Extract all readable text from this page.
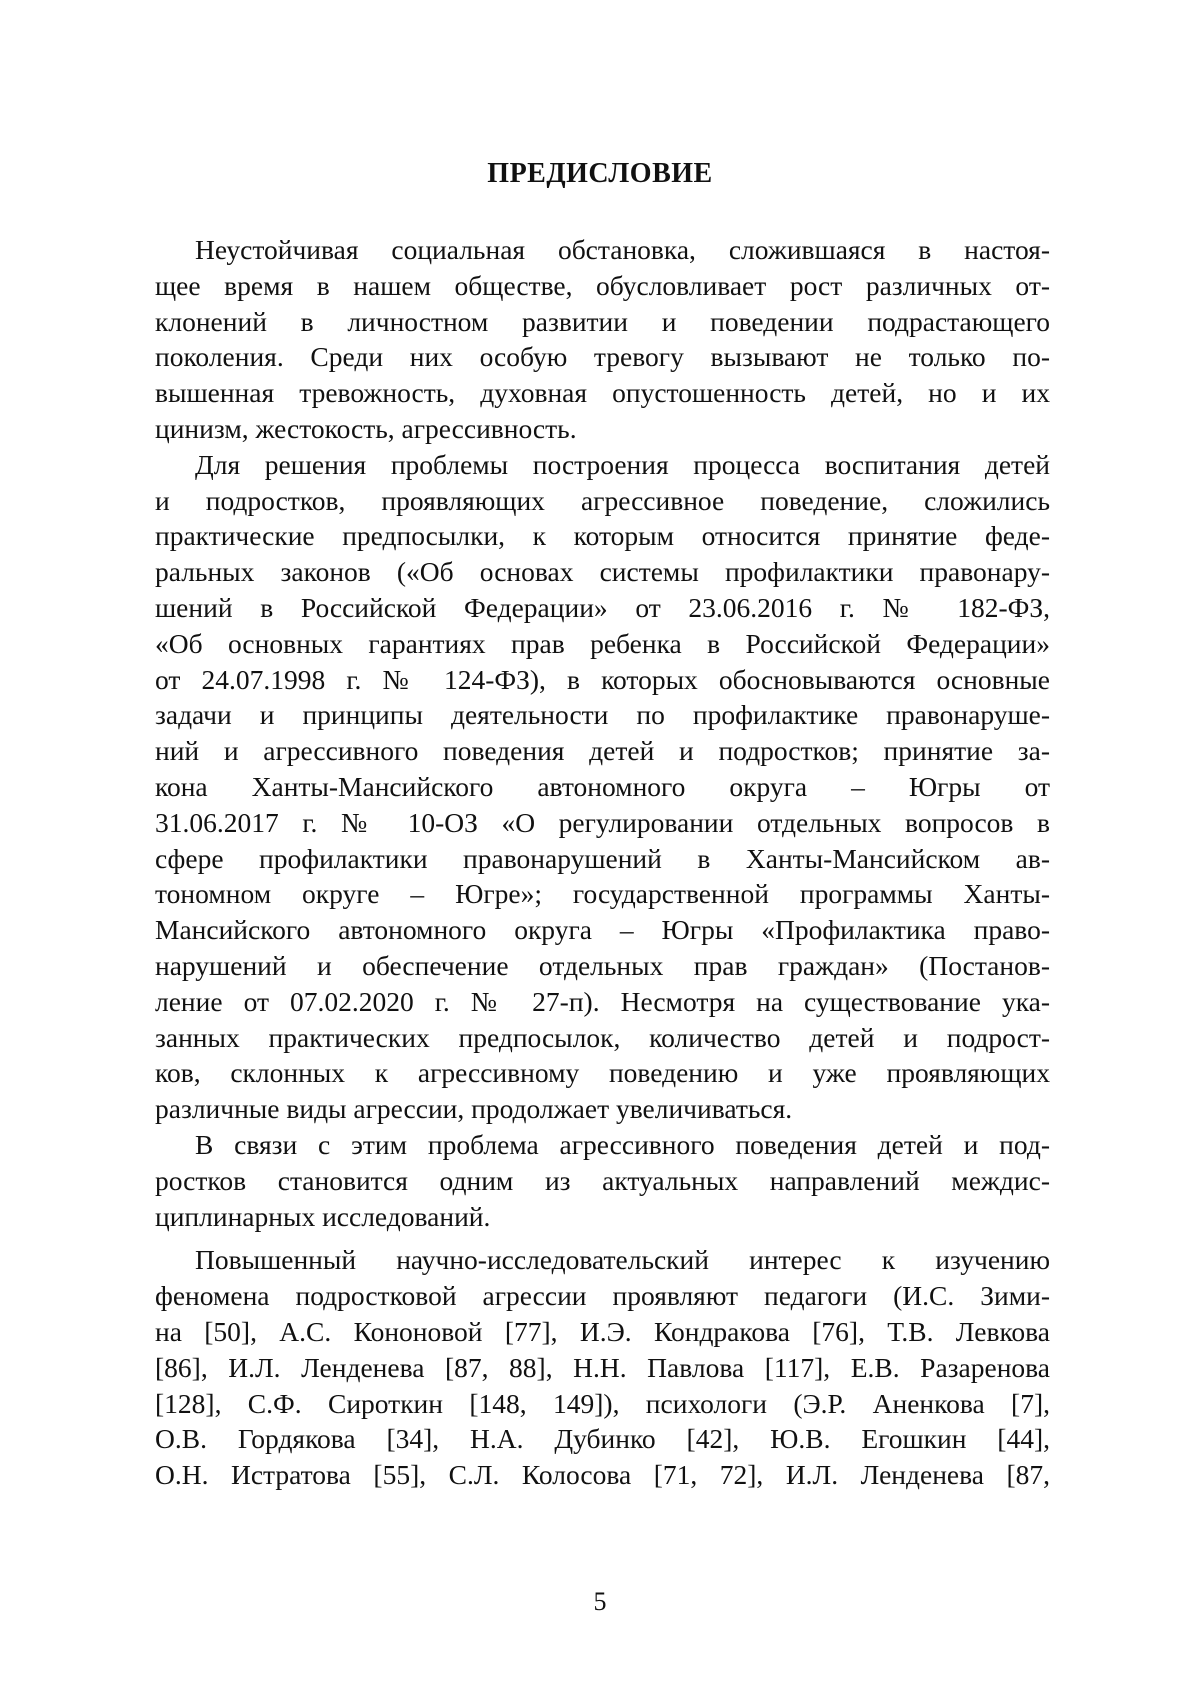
ПРЕДИСЛОВИЕ
Неустойчивая социальная обстановка, сложившаяся в настоя-
щее время в нашем обществе, обусловливает рост различных от-
клонений в личностном развитии и поведении подрастающего
поколения. Среди них особую тревогу вызывают не только по-
вышенная тревожность, духовная опустошенность детей, но и их
цинизм, жестокость, агрессивность.
Для решения проблемы построения процесса воспитания детей
и подростков, проявляющих агрессивное поведение, сложились
практические предпосылки, к которым относится принятие феде-
ральных законов («Об основах системы профилактики правонару-
шений в Российской Федерации» от 23.06.2016 г. № 182-ФЗ,
«Об основных гарантиях прав ребенка в Российской Федерации»
от 24.07.1998 г. № 124-ФЗ), в которых обосновываются основные
задачи и принципы деятельности по профилактике правонаруше-
ний и агрессивного поведения детей и подростков; принятие за-
кона Ханты-Мансийского автономного округа – Югры от
31.06.2017 г. № 10-ОЗ «О регулировании отдельных вопросов в
сфере профилактики правонарушений в Ханты-Мансийском ав-
тономном округе – Югре»; государственной программы Ханты-
Мансийского автономного округа – Югры «Профилактика право-
нарушений и обеспечение отдельных прав граждан» (Постанов-
ление от 07.02.2020 г. № 27-п). Несмотря на существование ука-
занных практических предпосылок, количество детей и подрост-
ков, склонных к агрессивному поведению и уже проявляющих
различные виды агрессии, продолжает увеличиваться.
В связи с этим проблема агрессивного поведения детей и под-
ростков становится одним из актуальных направлений междис-
циплинарных исследований.
Повышенный научно-исследовательский интерес к изучению
феномена подростковой агрессии проявляют педагоги (И.С. Зими-
на [50], А.С. Кононовой [77], И.Э. Кондракова [76], Т.В. Левкова
[86], И.Л. Ленденева [87, 88], Н.Н. Павлова [117], Е.В. Разаренова
[128], С.Ф. Сироткин [148, 149]), психологи (Э.Р. Аненкова [7],
О.В. Гордякова [34], Н.А. Дубинко [42], Ю.В. Егошкин [44],
О.Н. Истратова [55], С.Л. Колосова [71, 72], И.Л. Ленденева [87,
5
